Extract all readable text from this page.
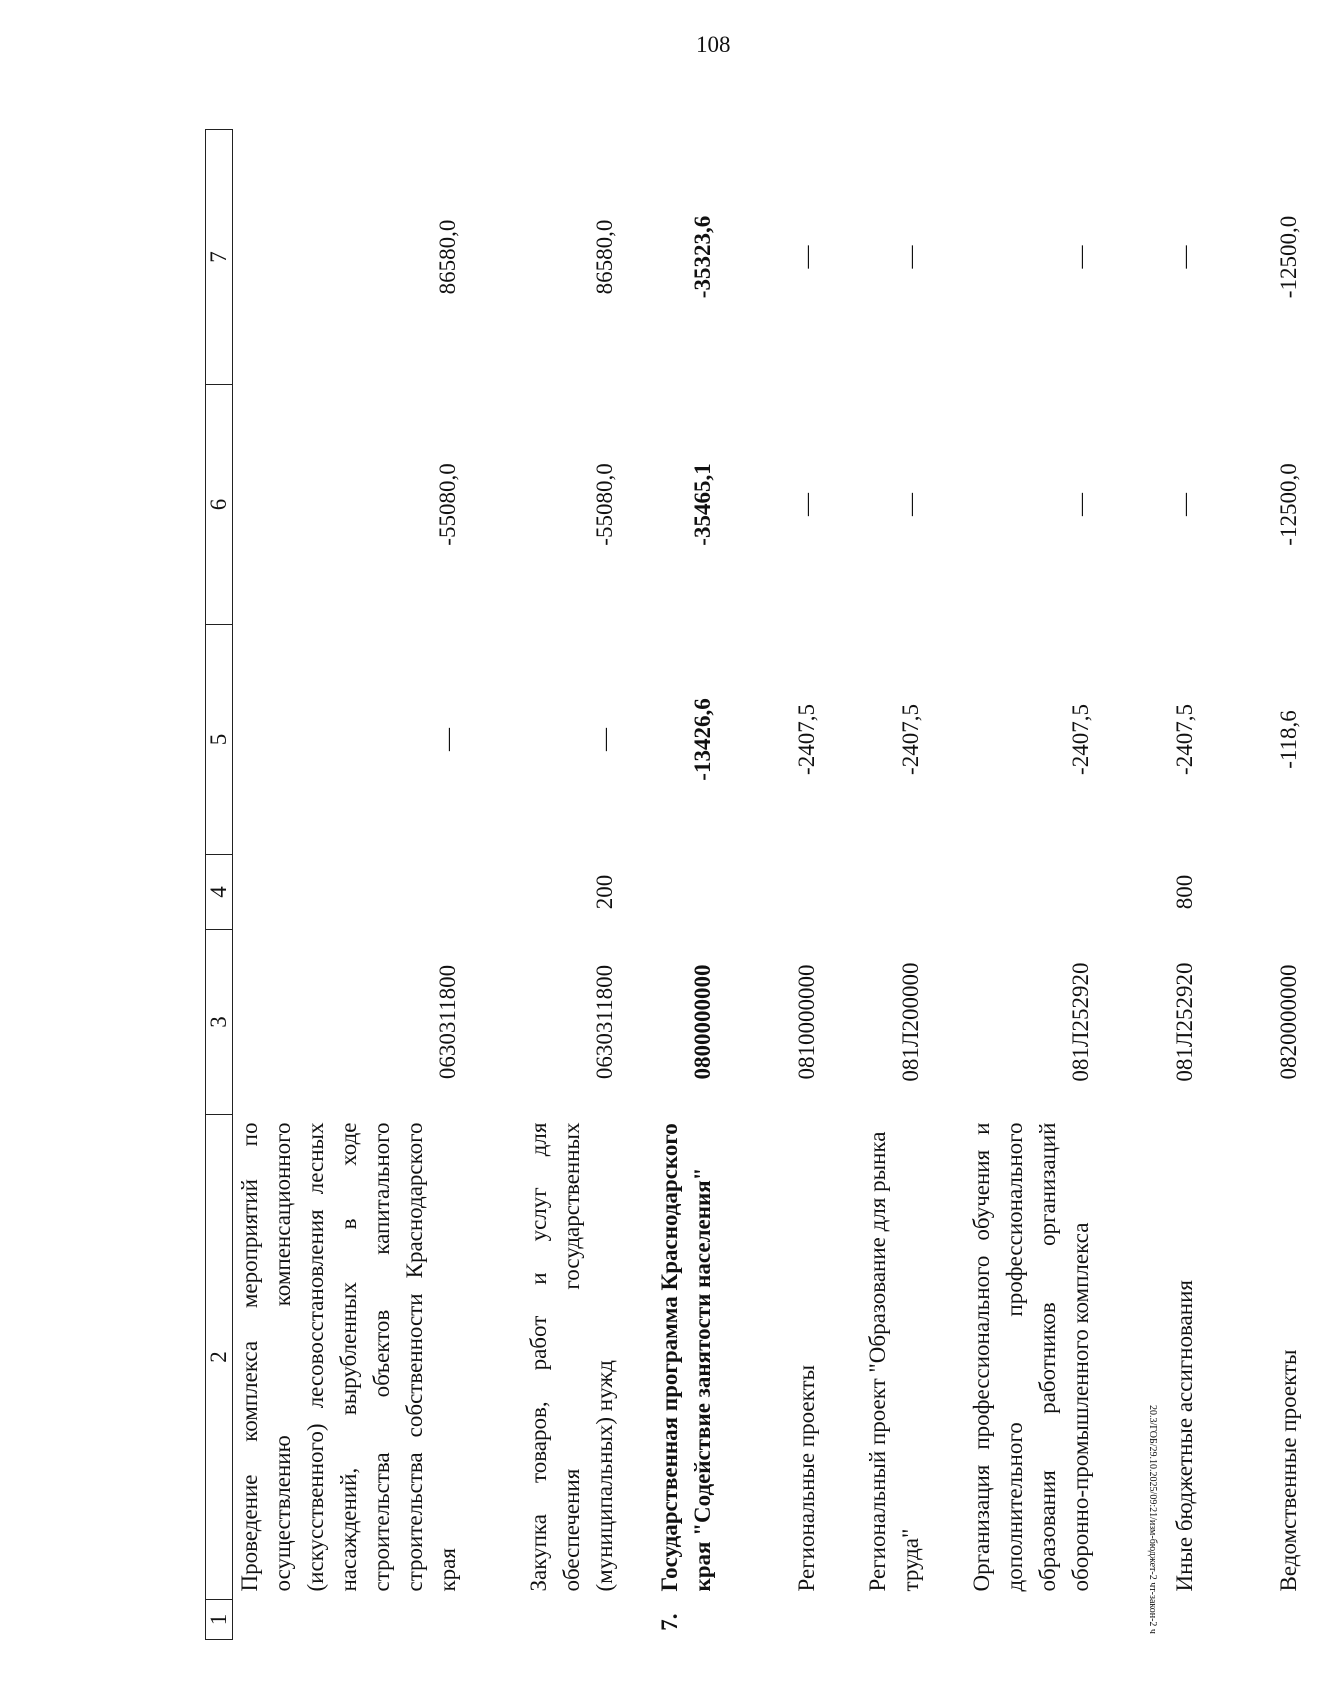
108
20.3/ГОБ/29.10.2025/09:21/изм-бюджет-2 чт-закон-2 ч
1	2	3	4	5	6	7
	Проведение комплекса мероприятий по осуществлению компенсационного (искусственного) лесовосстановления лесных насаждений, вырубленных в ходе строительства объектов капитального строительства собственности Краснодарского края	0630311800		—	-55080,0	86580,0
	Закупка товаров, работ и услуг для обеспечения государственных (муниципальных) нужд	0630311800	200	—	-55080,0	86580,0
7.	Государственная программа Краснодарского края "Содействие занятости населения"	0800000000		-13426,6	-35465,1	-35323,6
	Региональные проекты	0810000000		-2407,5	—	—
	Региональный проект "Образование для рынка труда"	081Л200000		-2407,5	—	—
	Организация профессионального обучения и дополнительного профессионального образования работников организаций оборонно-промышленного комплекса	081Л252920		-2407,5	—	—
	Иные бюджетные ассигнования	081Л252920	800	-2407,5	—	—
	Ведомственные проекты	0820000000		-118,6	-12500,0	-12500,0
